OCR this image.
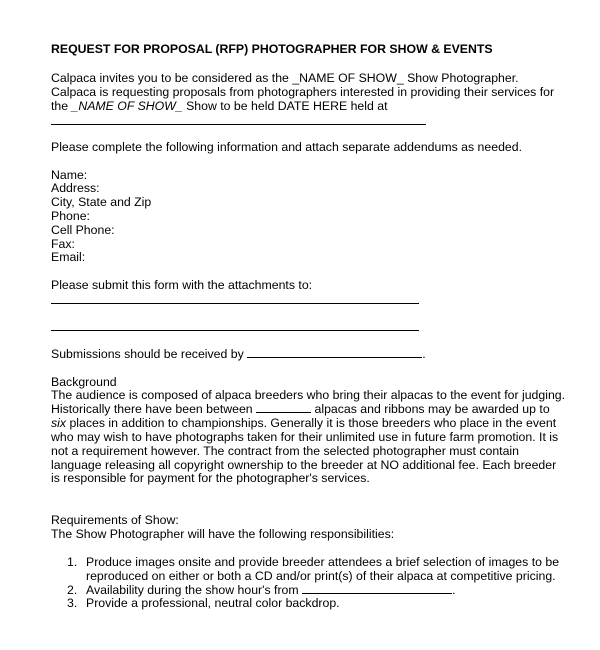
REQUEST FOR PROPOSAL (RFP) PHOTOGRAPHER FOR SHOW & EVENTS
Calpaca invites you to be considered as the _NAME OF SHOW_ Show Photographer.
Calpaca is requesting proposals from photographers interested in providing their services for
the _NAME OF SHOW_ Show to be held DATE HERE held at
Please complete the following information and attach separate addendums as needed.
Name:
Address:
City, State and Zip
Phone:
Cell Phone:
Fax:
Email:
Please submit this form with the attachments to:
Submissions should be received by	.
Background
The audience is composed of alpaca breeders who bring their alpacas to the event for judging.
Historically there have been between	alpacas and ribbons may be awarded up to
six places in addition to championships. Generally it is those breeders who place in the event
who may wish to have photographs taken for their unlimited use in future farm promotion. It is
not a requirement however. The contract from the selected photographer must contain
language releasing all copyright ownership to the breeder at NO additional fee. Each breeder
is responsible for payment for the photographer's services.
Requirements of Show:
The Show Photographer will have the following responsibilities:
1. Produce images onsite and provide breeder attendees a brief selection of images to be
reproduced on either or both a CD and/or print(s) of their alpaca at competitive pricing.
2. Availability during the show hour's from	.
3. Provide a professional, neutral color backdrop.
